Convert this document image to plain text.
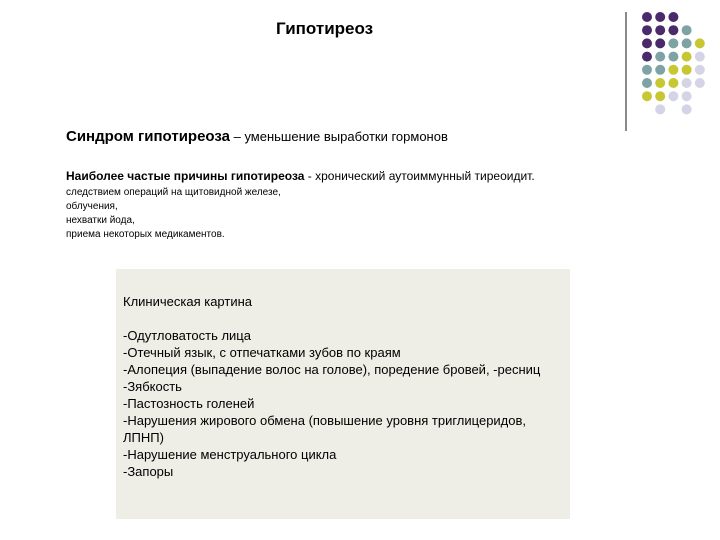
Гипотиреоз
Синдром гипотиреоза – уменьшение выработки гормонов
Наиболее частые причины гипотиреоза - хронический аутоиммунный тиреоидит.
следствием операций на щитовидной железе,
облучения,
нехватки йода,
приема некоторых медикаментов.
Клиническая картина
-Одутловатость лица
-Отечный язык, с отпечатками зубов по краям
-Алопеция (выпадение волос на голове), поредение бровей, -ресниц
-Зябкость
-Пастозность голеней
-Нарушения жирового обмена (повышение уровня триглицеридов, ЛПНП)
-Нарушение менструального цикла
-Запоры
